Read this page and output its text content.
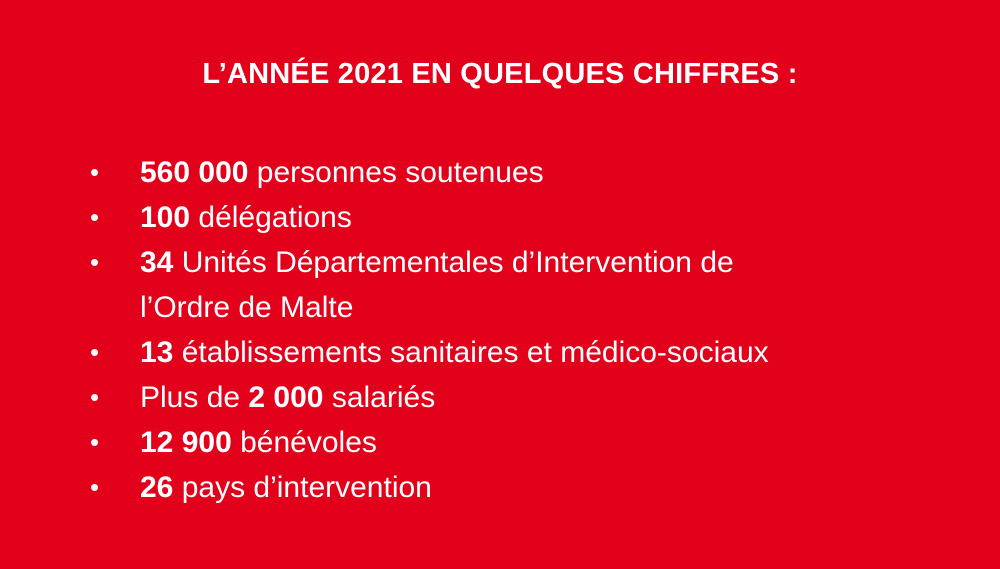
L’ANNÉE 2021 EN QUELQUES CHIFFRES :
• 560 000 personnes soutenues
• 100 délégations
• 34 Unités Départementales d’Intervention de
l’Ordre de Malte
• 13 établissements sanitaires et médico-sociaux
• Plus de 2 000 salariés
• 12 900 bénévoles
• 26 pays d’intervention
